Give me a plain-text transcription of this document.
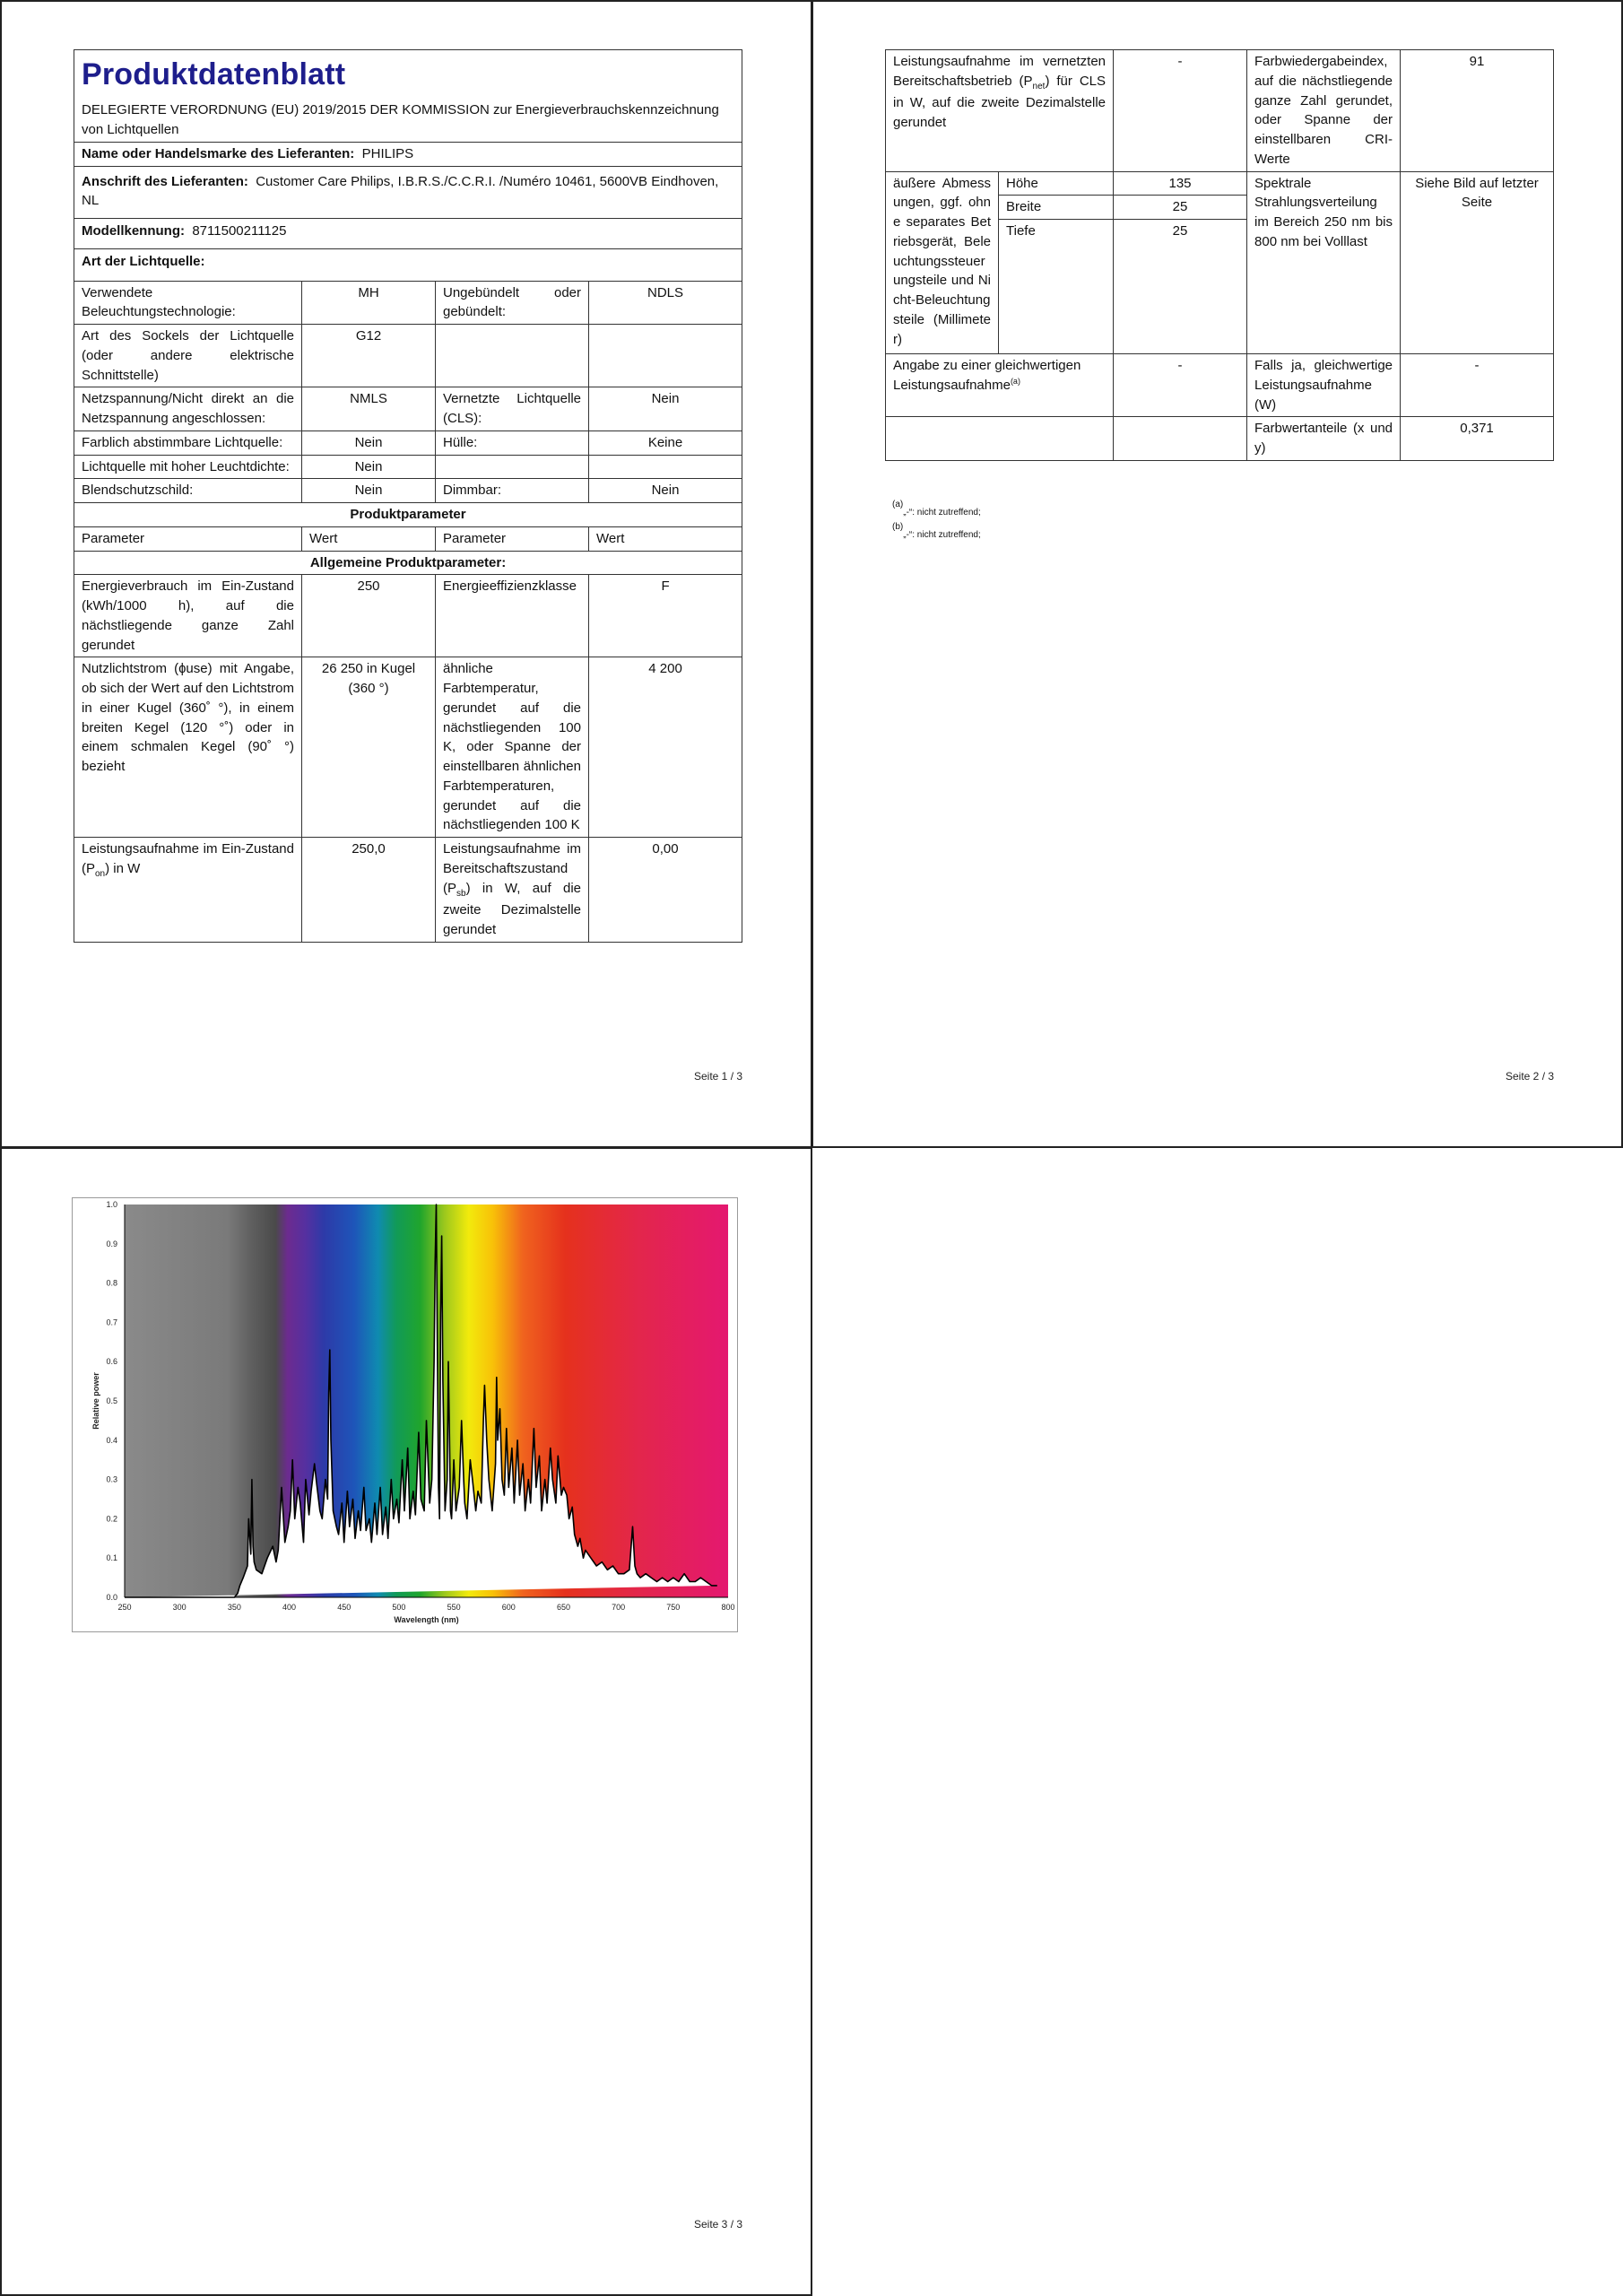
Produktdatenblatt
DELEGIERTE VERORDNUNG (EU) 2019/2015 DER KOMMISSION zur Energieverbrauchskennzeichnung von Lichtquellen			

Name oder Handelsmarke des Lieferanten: PHILIPS			
Anschrift des Lieferanten: Customer Care Philips, I.B.R.S./C.C.R.I. /Numéro 10461, 5600VB Eindhoven, NL			
Modellkennung: 8711500211125			
Art der Lichtquelle:			
Verwendete Beleuchtungstechnologie:	MH	Ungebündelt oder gebündelt:	NDLS
Art des Sockels der Lichtquelle (oder andere elektrische Schnittstelle)	G12		
Netzspannung/Nicht direkt an die Netzspannung angeschlossen:	NMLS	Vernetzte Lichtquelle (CLS):	Nein
Farblich abstimmbare Lichtquelle:	Nein	Hülle:	Keine
Lichtquelle mit hoher Leuchtdichte:	Nein		
Blendschutzschild:	Nein	Dimmbar:	Nein
Produktparameter			
Parameter	Wert	Parameter	Wert
Allgemeine Produktparameter:			
Energieverbrauch im Ein-Zustand (kWh/1000 h), auf die nächstliegende ganze Zahl gerundet	250	Energieeffizienzklasse	F
Nutzlichtstrom (ɸuse) mit Angabe, ob sich der Wert auf den Lichtstrom in einer Kugel (360˚ °), in einem breiten Kegel (120 °˚) oder in einem schmalen Kegel (90˚ °) bezieht	26 250 in Kugel (360 °)	ähnliche Farbtemperatur, gerundet auf die nächstliegenden 100 K, oder Spanne der einstellbaren ähnlichen Farbtemperaturen, gerundet auf die nächstliegenden 100 K	4 200
Leistungsaufnahme im Ein-Zustand $(P_{on})$ in W	250,0	Leistungsaufnahme im Bereitschaftszustand $(P_{sb})$ in W, auf die zweite Dezimalstelle gerundet	0,00
Seite 1 / 3
Leistungsaufnahme im vernetzten Bereitschaftsbetrieb $(P_{net})$ für CLS in W, auf die zweite Dezimalstelle gerundet		-	Farbwiedergabeindex, auf die nächstliegende ganze Zahl gerundet, oder Spanne der einstellbaren CRI-Werte	91
äußere Abmessungen, ggf. ohne separates Betriebsgerät, Beleuchtungssteuerungsteile und Nicht-Beleuchtungsteile (Millimeter)	Höhe	135	Spektrale Strahlungsverteilung im Bereich 250 nm bis 800 nm bei Volllast	Siehe Bild auf letzter Seite
	Breite	25		
	Tiefe	25		
Angabe zu einer gleichwertigen Leistungsaufnahme$^{(a)}$		-	Falls ja, gleichwertige Leistungsaufnahme (W)	-
			Farbwertanteile (x und y)	0,371
$^{(a)}_{„-“: nicht zutreffend;}$
$^{(b)}_{„-“: nicht zutreffend;}$
Seite 2 / 3
Seite 3 / 3
250	300	350	400	450	500	550	600	650	700	750	800
0.0
0.1
0.2
0.3
0.4
0.5
0.6
0.7
0.8
0.9
1.0
Wavelength (nm)
Relative power
